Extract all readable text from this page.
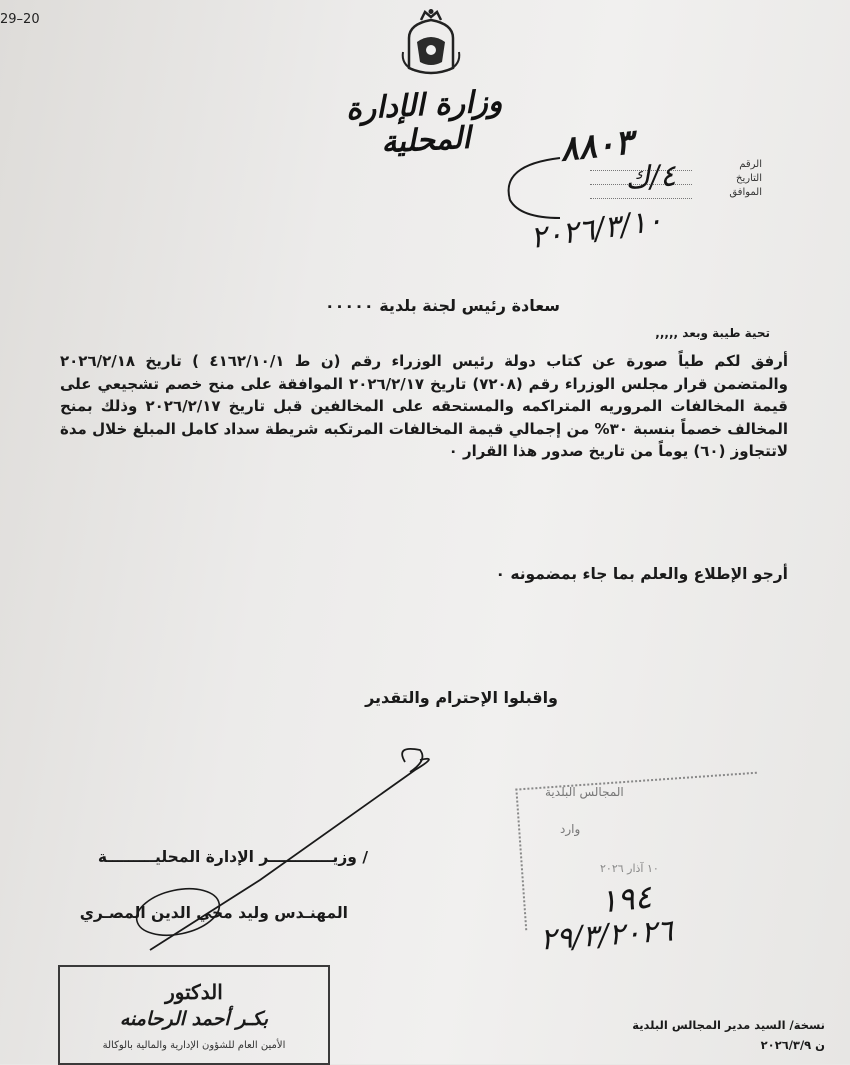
29–20
وزارة الإدارة المحلية
الرقم
التاريخ
الموافق
٨٨٠٣
٤/ك
٢٠٢٦/٣/١٠
سعادة رئيس لجنة بلدية ٠٠٠٠٠
تحية طيبة وبعد ,,,,,
أرفق لكم طياً صورة عن كتاب دولة رئيس الوزراء رقم (ن ط ٤١٦٢/١٠/١ ) تاريخ ٢٠٢٦/٢/١٨ والمتضمن قرار مجلس الوزراء رقم (٧٢٠٨) تاريخ ٢٠٢٦/٢/١٧ الموافقة على منح خصم تشجيعي على قيمة المخالفات المروريه المتراكمه والمستحقه على المخالفين قبل تاريخ ٢٠٢٦/٢/١٧ وذلك بمنح المخالف خصماً بنسبة ٣٠% من إجمالي قيمة المخالفات المرتكبه شريطة سداد كامل المبلغ خلال مدة لاتتجاوز (٦٠) يوماً من تاريخ صدور هذا القرار ٠
أرجو الإطلاع والعلم بما جاء بمضمونه ٠
واقبلوا الإحترام والتقدير
/ وزيــــــــــــر الإدارة المحليـــــــــة
المهنـدس وليد محي الدين المصـري
المجالس البلدية
وارد
١٠ آذار ٢٠٢٦
١٩٤
٢٩/٣/٢٠٢٦
الدكتور
بكـر أحمد الرحامنه
الأمين العام للشؤون الإدارية والمالية بالوكالة
نسخة/ السيد مدير المجالس البلدية
ن ٢٠٢٦/٣/٩
